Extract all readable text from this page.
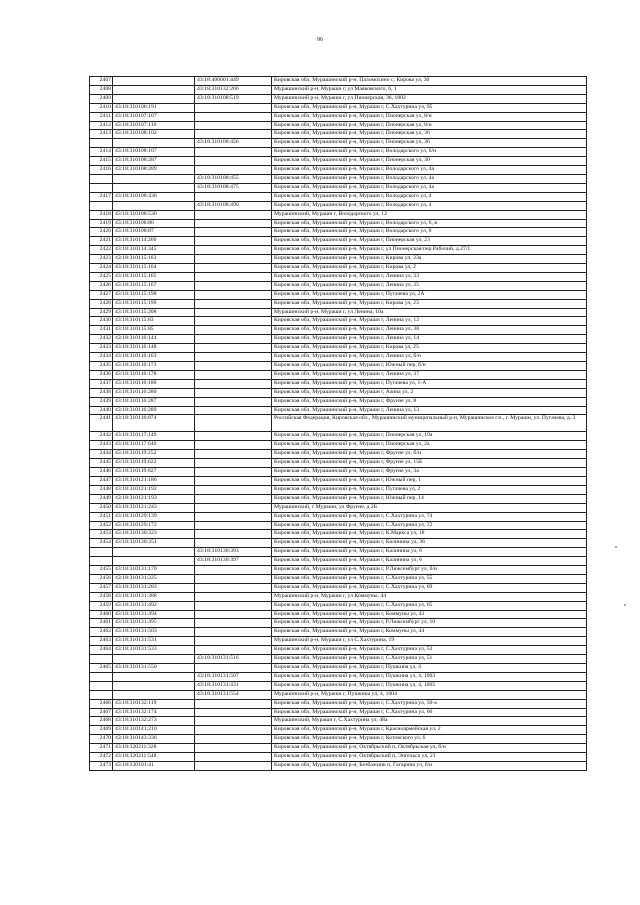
96
2407		43:18:400601:449	Кировская обл, Мурашинский р-н, Паломохино с, Кирова ул, 30
2408		43:18:310132:266	Мурашинский р-н, Мураши г, ул Маяковского, 6, 1
2409		43:18:310108:519	Мурашинский р-н, Мураши г, ул Пионерская, 36, 1002
2410	43:18:310106:191		Кировская обл, Мурашинский р-н, Мураши г, С.Хахтурина ул, 95
2411	43:18:310107:107		Кировская обл, Мурашинский р-н, Мураши г, Пионерская ул, 8/н
2412	43:18:310107:110		Кировская обл, Мурашинский р-н, Мураши г, Пионерская ул, 8/н
2413	43:18:310108:102		Кировская обл, Мурашинский р-н, Мураши г, Пионерская ул, 36
		43:18:310108:456	Кировская обл, Мурашинский р-н, Мураши г, Пионерская ул, 36
2414	43:18:310108:107		Кировская обл, Мурашинский р-н, Мураши г, Володарского ул, 6/н
2415	43:18:310108:287		Кировская обл, Мурашинский р-н, Мураши г, Пионерская ул, 30
2416	43:18:310108:289		Кировская обл, Мурашинский р-н, Мураши г, Володарского ул, 4а
		43:18:310108:455	Кировская обл, Мурашинский р-н, Мураши г, Володарского ул, 4а
		43:18:310108:475	Кировская обл, Мурашинский р-н, Мураши г, Володарского ул, 4а
2417	43:18:310108:436		Кировская обл, Мурашинский р-н, Мураши г, Володарского ул, 4
		43:18:310108:490	Кировская обл, Мурашинский р-н, Мураши г, Володарского ул, 4
2418	43:18:310108:530		Мурашинский, Мураши г, Володарского ул, 12
2419	43:18:310108:86		Кировская обл, Мурашинский р-н, Мураши г, Володарского ул, 6, в
2420	43:18:310108:87		Кировская обл, Мурашинский р-н, Мураши г, Володарского ул, 8
2421	43:18:310114:260		Кировская обл, Мурашинский р-н, Мураши г, Пионерская ул, 23
2422	43:18:310114:345		Кировская обл, Мурашинский р-н, Мураши г, ул Пионерская/пер.Рабочий, д.27/1
2423	43:18:310115:163		Кировская обл, Мурашинский р-н, Мураши г, Кирова ул, 23а
2424	43:18:310115:164		Кировская обл, Мурашинский р-н, Мураши г, Кирова ул, 2
2425	43:18:310115:165		Кировская обл, Мурашинский р-н, Мураши г, Ленина ул, 33
2426	43:18:310115:167		Кировская обл, Мурашинский р-н, Мураши г, Ленина ул, 25
2427	43:18:310115:198		Кировская обл, Мурашинский р-н, Мураши г, Пугачева ул, 2А
2428	43:18:310115:199		Кировская обл, Мурашинский р-н, Мураши г, Кирова ул, 23
2429	43:18:310115:208		Мурашинский р-н, Мураши г, ул Ленина, 10а
2430	43:18:310115:83		Кировская обл, Мурашинский р-н, Мураши г, Ленина ул, 12
2431	43:18:310115:85		Кировская обл, Мурашинский р-н, Мураши г, Ленина ул, 38
2432	43:18:310116:144		Кировская обл, Мурашинский р-н, Мураши г, Ленина ул, 14
2433	43:18:310116:148		Кировская обл, Мурашинский р-н, Мураши г, Кирова ул, 25
2434	43:18:310116:163		Кировская обл, Мурашинский р-н, Мураши г, Ленина ул, б/н
2435	43:18:310116:173		Кировская обл, Мурашинский р-н, Мураши г, Южный пер, б/н
2436	43:18:310116:178		Кировская обл, Мурашинский р-н, Мураши г, Ленина ул, 37
2437	43:18:310116:180		Кировская обл, Мурашинский р-н, Мураши г, Пугачева ул, 1-А
2438	43:18:310116:280		Кировская обл, Мурашинский р-н, Мураши г, Азина ул, 2
2439	43:18:310116:287		Кировская обл, Мурашинский р-н, Мураши г, Фрунзе ул, 8
2440	43:18:310116:289		Кировская обл, Мурашинский р-н, Мураши г, Ленина ул, 13
2441	43:18:310116:874		Российская Федерация, Кировская обл., Мурашинский муниципальный р-н, Мурашинское г.п., г. Мураши, ул. Пугачева, д. 3
2442	43:18:310117:149		Кировская обл, Мурашинский р-н, Мураши г, Пионерская ул, 19а
2443	43:18:310117:640		Кировская обл, Мурашинский р-н, Мураши г, Пионерская ул, 2а
2444	43:18:310119:252		Кировская обл, Мурашинский р-н, Мураши г, Фрунзе ул, б/н
2445	43:18:310119:622		Кировская обл, Мурашинский р-н, Мураши г, Фрунзе ул, 15Б
2446	43:18:310119:827		Кировская обл, Мурашинский р-н, Мураши г, Фрунзе ул, 3а
2447	43:18:310121:186		Кировская обл, Мурашинский р-н, Мураши г, Южный пер, 1
2448	43:18:310121:192		Кировская обл, Мурашинский р-н, Мураши г, Пугачева ул, 2
2449	43:18:310121:193		Кировская обл, Мурашинский р-н, Мураши г, Южный пер, 14
2450	43:18:310121:243		Мурашинский, г Мураши, ул Фрунзе, д 2Б
2451	43:18:310129:139		Кировская обл, Мурашинский р-н, Мураши г, С.Хахтурина ул, 74
2452	43:18:310129:172		Кировская обл, Мурашинский р-н, Мураши г, С.Хахтурина ул, 72
2453	43:18:310130:323		Кировская обл, Мурашинский р-н, Мураши г, К.Маркса ул, 18
2454	43:18:310130:351		Кировская обл, Мурашинский р-н, Мураши г, Калинина ул, 36
		43:18:310130:393	Кировская обл, Мурашинский р-н, Мураши г, Калинина ул, 6
		43:18:310130:397	Кировская обл, Мурашинский р-н, Мураши г, Калинина ул, 6
2455	43:18:310131:170		Кировская обл, Мурашинский р-н, Мураши г, Р.Люксембург ул, б/н
2456	43:18:310131:225		Кировская обл, Мурашинский р-н, Мураши г, С.Хахтурина ул, 55
2457	43:18:310131:283		Кировская обл, Мурашинский р-н, Мураши г, С.Хахтурина ул, 69
2458	43:18:310131:388		Мурашинский р-н, Мураши г, ул Коммуны, 44
2459	43:18:310131:492		Кировская обл, Мурашинский р-н, Мураши г, С.Хахтурина ул, 65
2460	43:18:310131:494		Кировская обл, Мурашинский р-н, Мураши г, Коммуны ул, 43
2461	43:18:310131:495		Кировская обл, Мурашинский р-н, Мураши г, Р.Люксембург ул, 10
2462	43:18:310131:503		Кировская обл, Мурашинский р-н, Мураши г, Коммуны ул, 44
2463	43:18:310131:531		Мурашинский р-н, Мураши г, ул С.Хахтурина, 19
2464	43:18:310131:533		Кировская обл, Мурашинский р-н, Мураши г, С.Хахтурина ул, 53
		43:18:310131:516	Кировская обл, Мурашинский р-н, Мураши г, С.Хахтурина ул, 51
2465	43:18:310131:550		Кировская обл, Мурашинский р-н, Мураши г, Пушкина ул, 4
		43:18:310131:507	Кировская обл, Мурашинский р-н, Мураши г, Пушкина ул, 4, 1003
		43:18:310131:431	Кировская обл, Мурашинский р-н, Мураши г, Пушкина ул, 4, 1005
		43:18:310131:554	Мурашинский р-н, Мураши г, Пушкина ул, 4, 1004
2466	43:18:310132:119		Кировская обл, Мурашинский р-н, Мураши г, С.Хахтурина ул, 50-а
2467	43:18:310132:174		Кировская обл, Мурашинский р-н, Мураши г, С.Хахтурина ул, 66
2468	43:18:310132:273		Мурашинский, Мураши г, С.Хахтурина ул, 48а
2469	43:18:310141:210		Кировская обл, Мурашинский р-н, Мураши г, Красноармейская ул, 2
2470	43:18:310143:336		Кировская обл, Мурашинский р-н, Мураши г, Котовского ул, 6
2471	43:18:320211:328		Кировская обл, Мурашинский р-н, Октябрьский п, Октябрьская ул, б/н
2472	43:18:320211:548		Кировская обл, Мурашинский р-н, Октябрьский п, Энгельса ул, 21
2473	43:18:330101:41		Кировская обл, Мурашинский р-н, Безбожник п, Гагарина ул, б/н
